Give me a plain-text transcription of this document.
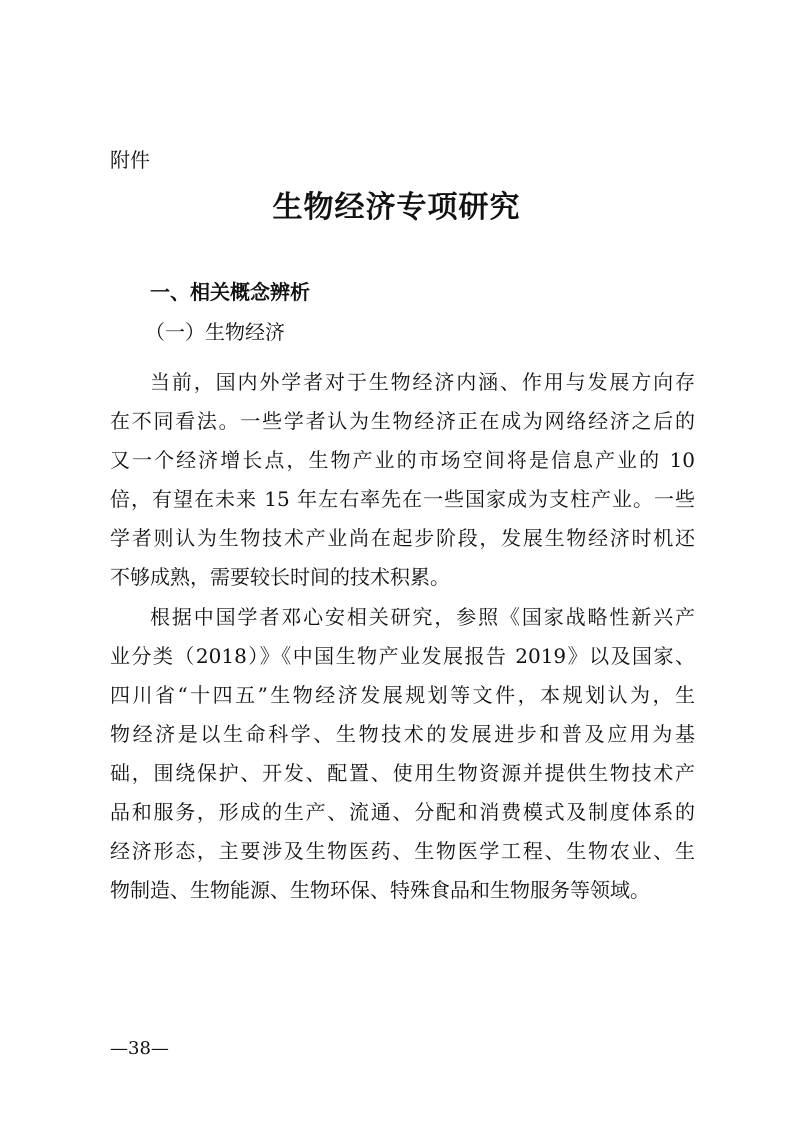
附件
生物经济专项研究
一、相关概念辨析
（一）生物经济
当前，国内外学者对于生物经济内涵、作用与发展方向存
在不同看法。一些学者认为生物经济正在成为网络经济之后的
又一个经济增长点，生物产业的市场空间将是信息产业的 10
倍，有望在未来 15 年左右率先在一些国家成为支柱产业。一些
学者则认为生物技术产业尚在起步阶段，发展生物经济时机还
不够成熟，需要较长时间的技术积累。
根据中国学者邓心安相关研究，参照《国家战略性新兴产
业分类（2018）》《中国生物产业发展报告 2019》以及国家、
四川省“十四五”生物经济发展规划等文件，本规划认为，生
物经济是以生命科学、生物技术的发展进步和普及应用为基
础，围绕保护、开发、配置、使用生物资源并提供生物技术产
品和服务，形成的生产、流通、分配和消费模式及制度体系的
经济形态，主要涉及生物医药、生物医学工程、生物农业、生
物制造、生物能源、生物环保、特殊食品和生物服务等领域。
—38—
